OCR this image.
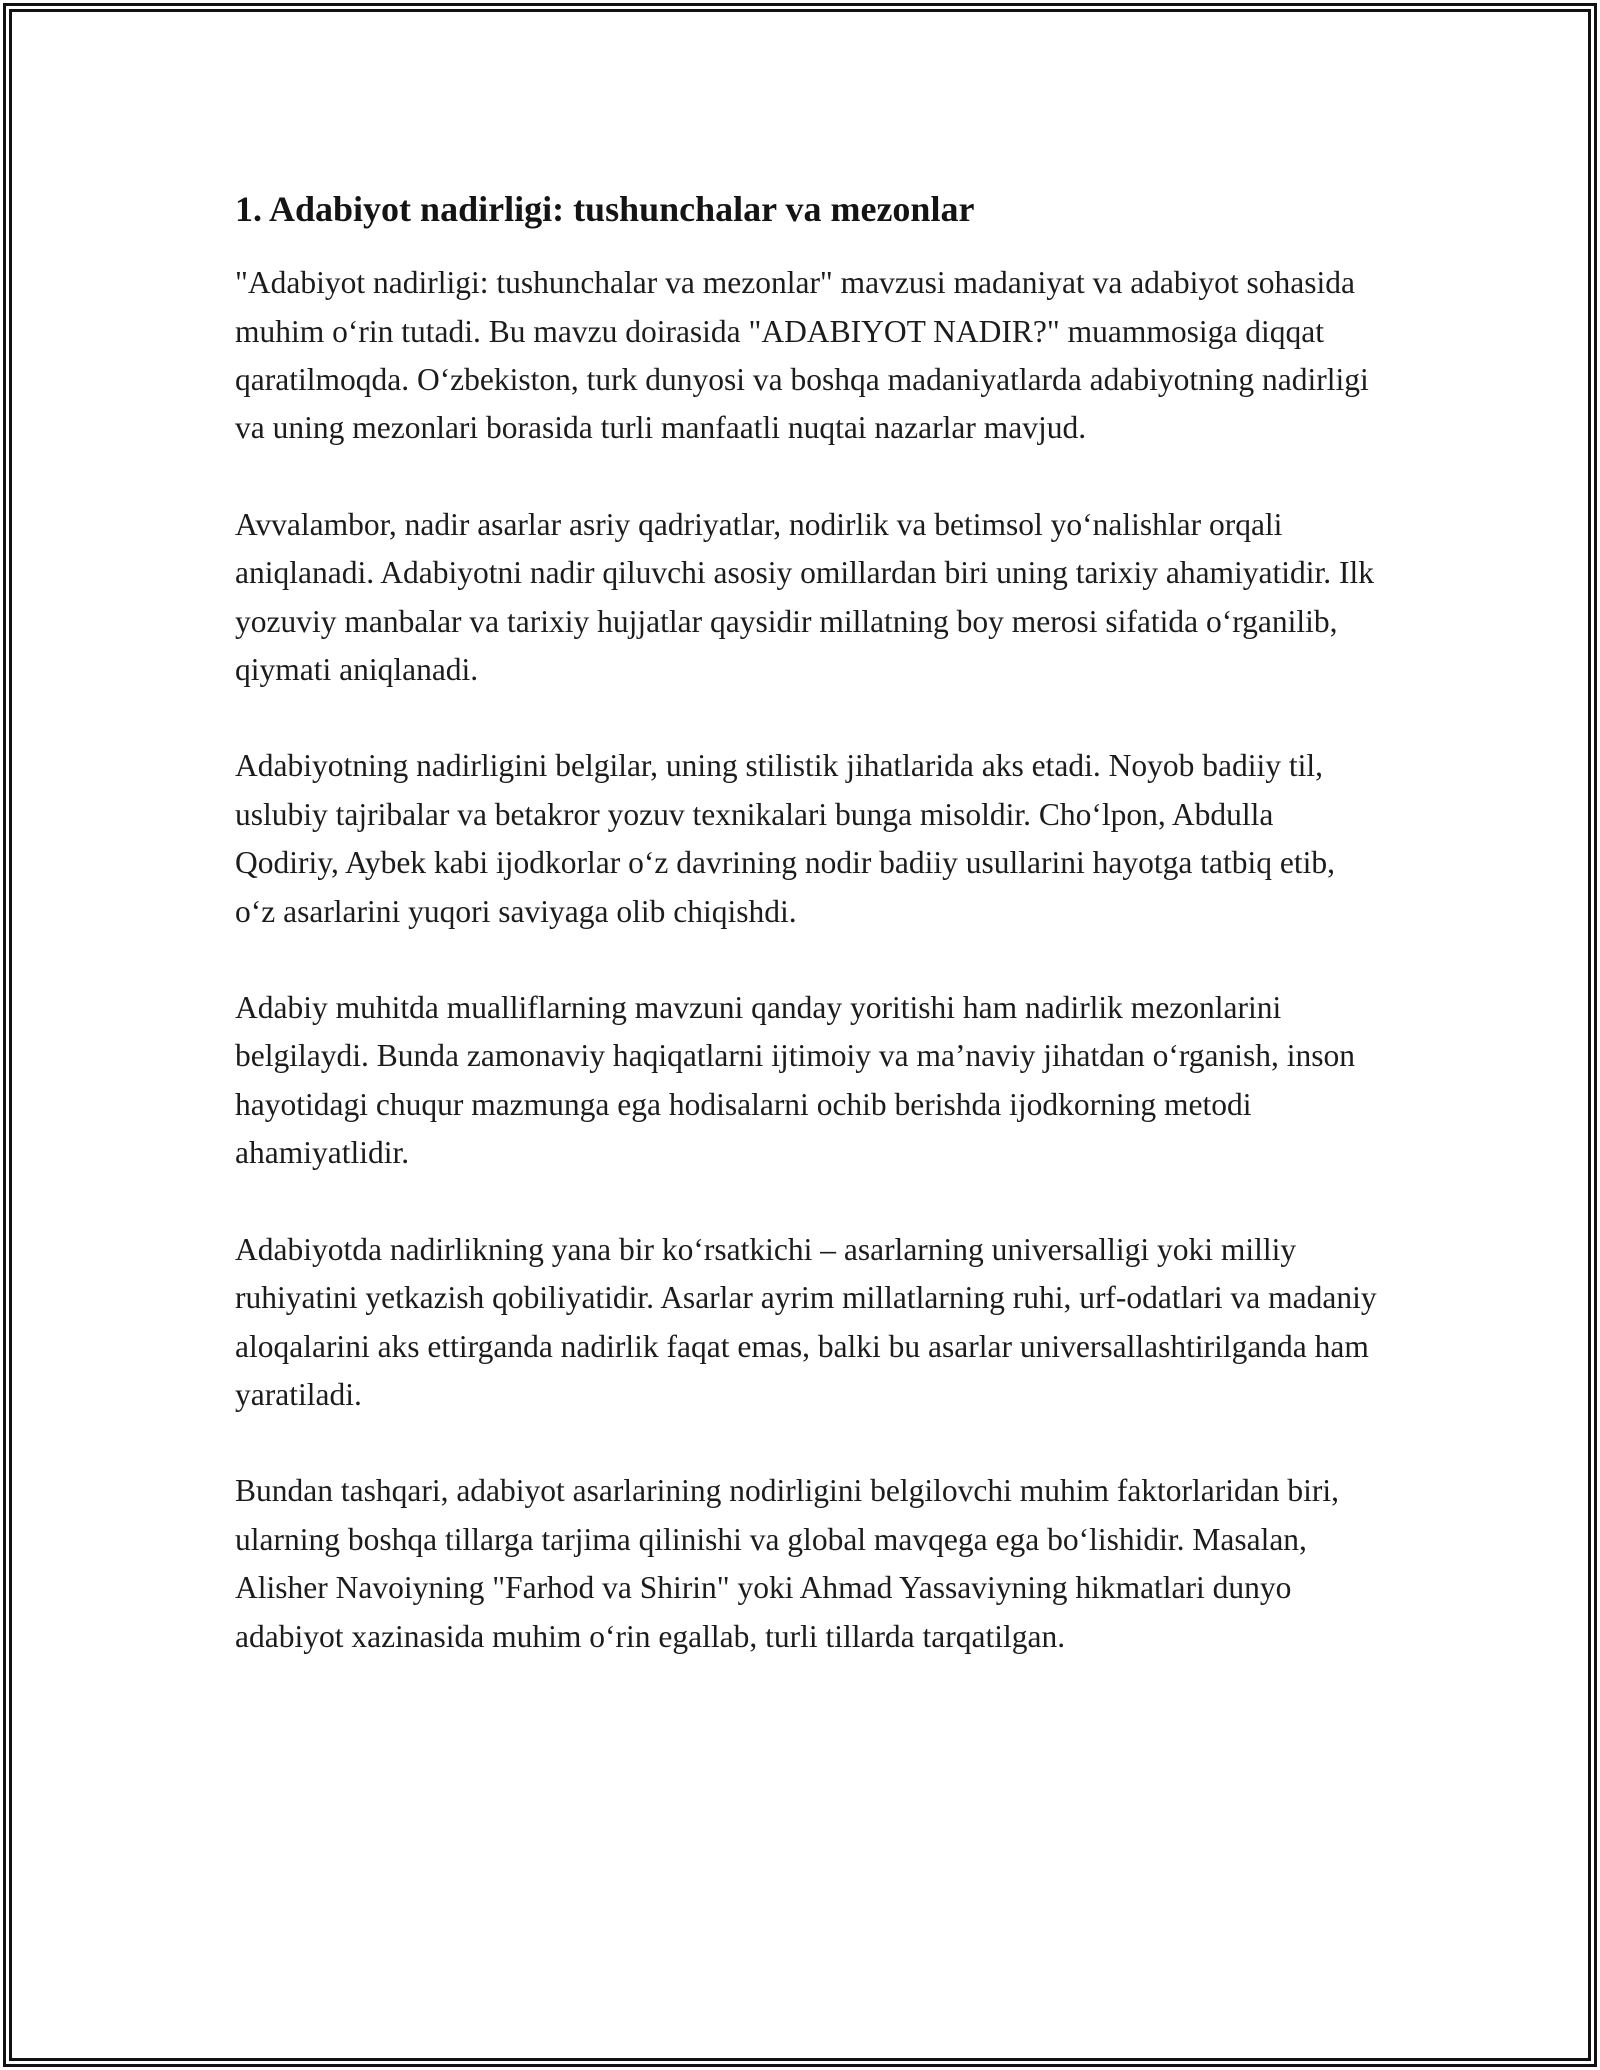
1. Adabiyot nadirligi: tushunchalar va mezonlar

"Adabiyot nadirligi: tushunchalar va mezonlar" mavzusi madaniyat va adabiyot sohasida muhim o‘rin tutadi. Bu mavzu doirasida "ADABIYOT NADIR?" muammosiga diqqat qaratilmoqda. O‘zbekiston, turk dunyosi va boshqa madaniyatlarda adabiyotning nadirligi va uning mezonlari borasida turli manfaatli nuqtai nazarlar mavjud.

Avvalambor, nadir asarlar asriy qadriyatlar, nodirlik va betimsol yo‘nalishlar orqali aniqlanadi. Adabiyotni nadir qiluvchi asosiy omillardan biri uning tarixiy ahamiyatidir. Ilk yozuviy manbalar va tarixiy hujjatlar qaysidir millatning boy merosi sifatida o‘rganilib, qiymati aniqlanadi.

Adabiyotning nadirligini belgilar, uning stilistik jihatlarida aks etadi. Noyob badiiy til, uslubiy tajribalar va betakror yozuv texnikalari bunga misoldir. Cho‘lpon, Abdulla Qodiriy, Aybek kabi ijodkorlar o‘z davrining nodir badiiy usullarini hayotga tatbiq etib, o‘z asarlarini yuqori saviyaga olib chiqishdi.

Adabiy muhitda mualliflarning mavzuni qanday yoritishi ham nadirlik mezonlarini belgilaydi. Bunda zamonaviy haqiqatlarni ijtimoiy va ma’naviy jihatdan o‘rganish, inson hayotidagi chuqur mazmunga ega hodisalarni ochib berishda ijodkorning metodi ahamiyatlidir.

Adabiyotda nadirlikning yana bir ko‘rsatkichi – asarlarning universalligi yoki milliy ruhiyatini yetkazish qobiliyatidir. Asarlar ayrim millatlarning ruhi, urf-odatlari va madaniy aloqalarini aks ettirganda nadirlik faqat emas, balki bu asarlar universallashtirilganda ham yaratiladi.

Bundan tashqari, adabiyot asarlarining nodirligini belgilovchi muhim faktorlaridan biri, ularning boshqa tillarga tarjima qilinishi va global mavqega ega bo‘lishidir. Masalan, Alisher Navoiyning "Farhod va Shirin" yoki Ahmad Yassaviyning hikmatlari dunyo adabiyot xazinasida muhim o‘rin egallab, turli tillarda tarqatilgan.
